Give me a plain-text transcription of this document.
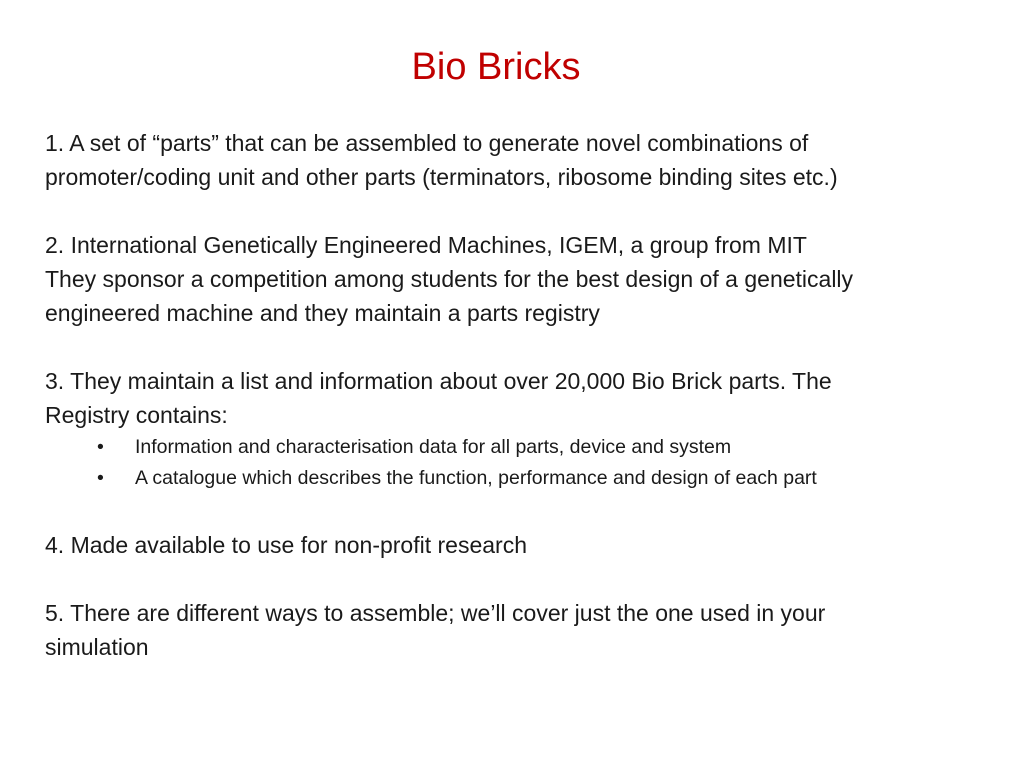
Bio Bricks
1. A set of “parts” that can be assembled to generate novel combinations of
promoter/coding unit and other parts (terminators, ribosome binding sites etc.)
2. International Genetically Engineered Machines, IGEM, a group from MIT
They sponsor a competition among students for the best design of a genetically
engineered machine and they maintain a parts registry
3. They maintain a list and information about over 20,000 Bio Brick parts. The
Registry contains:
• Information and characterisation data for all parts, device and system
• A catalogue which describes the function, performance and design of each part
4. Made available to use for non-profit research
5. There are different ways to assemble; we’ll cover just the one used in your
simulation
